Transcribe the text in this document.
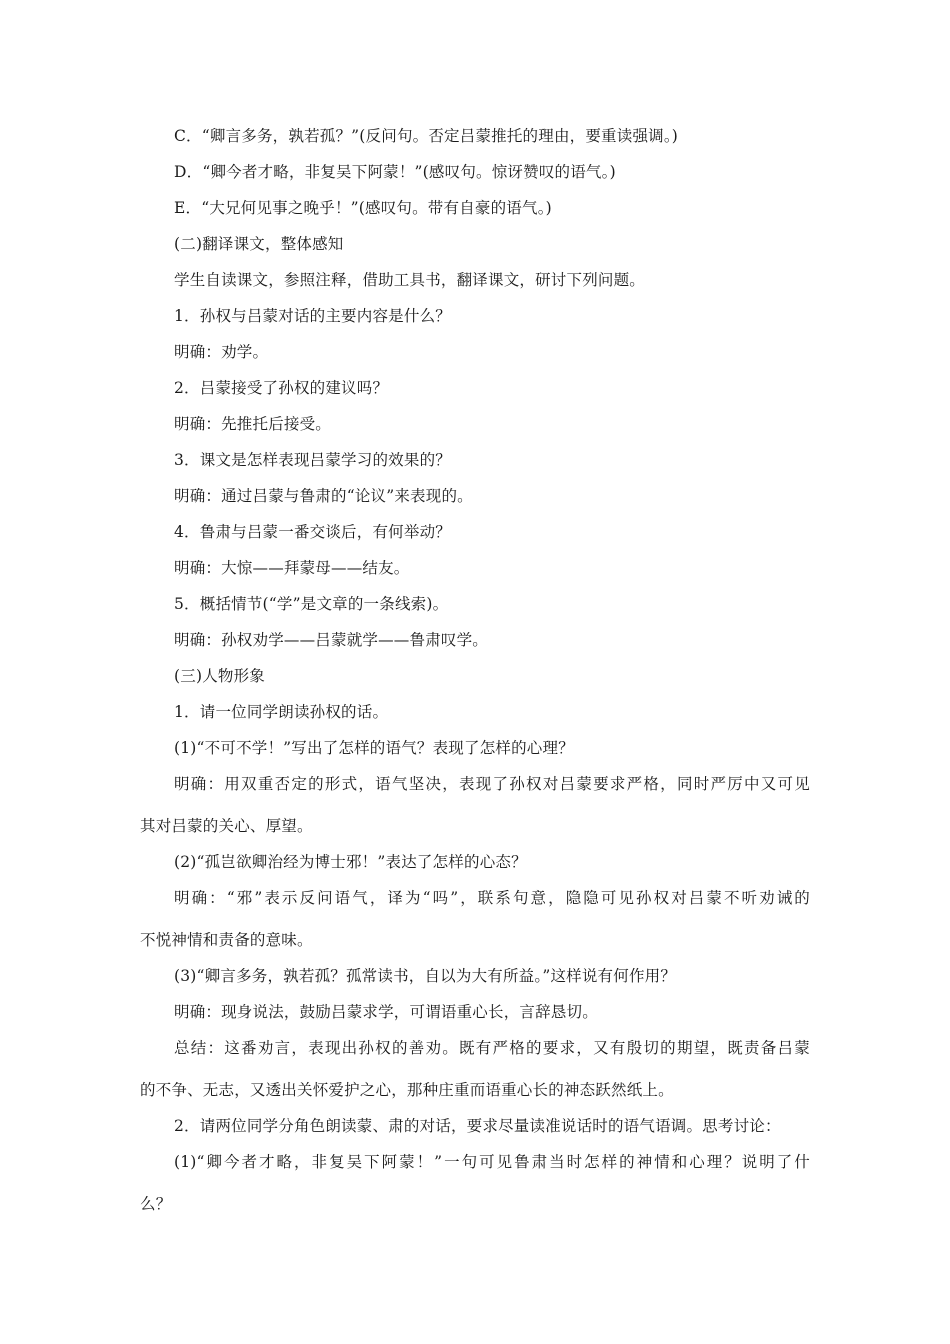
C．“卿言多务，孰若孤？”(反问句。否定吕蒙推托的理由，要重读强调。)
D．“卿今者才略，非复吴下阿蒙！”(感叹句。惊讶赞叹的语气。)
E．“大兄何见事之晚乎！”(感叹句。带有自豪的语气。)
(二)翻译课文，整体感知
学生自读课文，参照注释，借助工具书，翻译课文，研讨下列问题。
1．孙权与吕蒙对话的主要内容是什么？
明确：劝学。
2．吕蒙接受了孙权的建议吗？
明确：先推托后接受。
3．课文是怎样表现吕蒙学习的效果的？
明确：通过吕蒙与鲁肃的“论议”来表现的。
4．鲁肃与吕蒙一番交谈后，有何举动？
明确：大惊——拜蒙母——结友。
5．概括情节(“学”是文章的一条线索)。
明确：孙权劝学——吕蒙就学——鲁肃叹学。
(三)人物形象
1．请一位同学朗读孙权的话。
(1)“不可不学！”写出了怎样的语气？表现了怎样的心理？
明确：用双重否定的形式，语气坚决，表现了孙权对吕蒙要求严格，同时严厉中又可见
其对吕蒙的关心、厚望。
(2)“孤岂欲卿治经为博士邪！”表达了怎样的心态？
明确：“邪”表示反问语气，译为“吗”，联系句意，隐隐可见孙权对吕蒙不听劝诫的
不悦神情和责备的意味。
(3)“卿言多务，孰若孤？孤常读书，自以为大有所益。”这样说有何作用？
明确：现身说法，鼓励吕蒙求学，可谓语重心长，言辞恳切。
总结：这番劝言，表现出孙权的善劝。既有严格的要求，又有殷切的期望，既责备吕蒙
的不争、无志，又透出关怀爱护之心，那种庄重而语重心长的神态跃然纸上。
2．请两位同学分角色朗读蒙、肃的对话，要求尽量读准说话时的语气语调。思考讨论：
(1)“卿今者才略，非复吴下阿蒙！”一句可见鲁肃当时怎样的神情和心理？说明了什
么？
